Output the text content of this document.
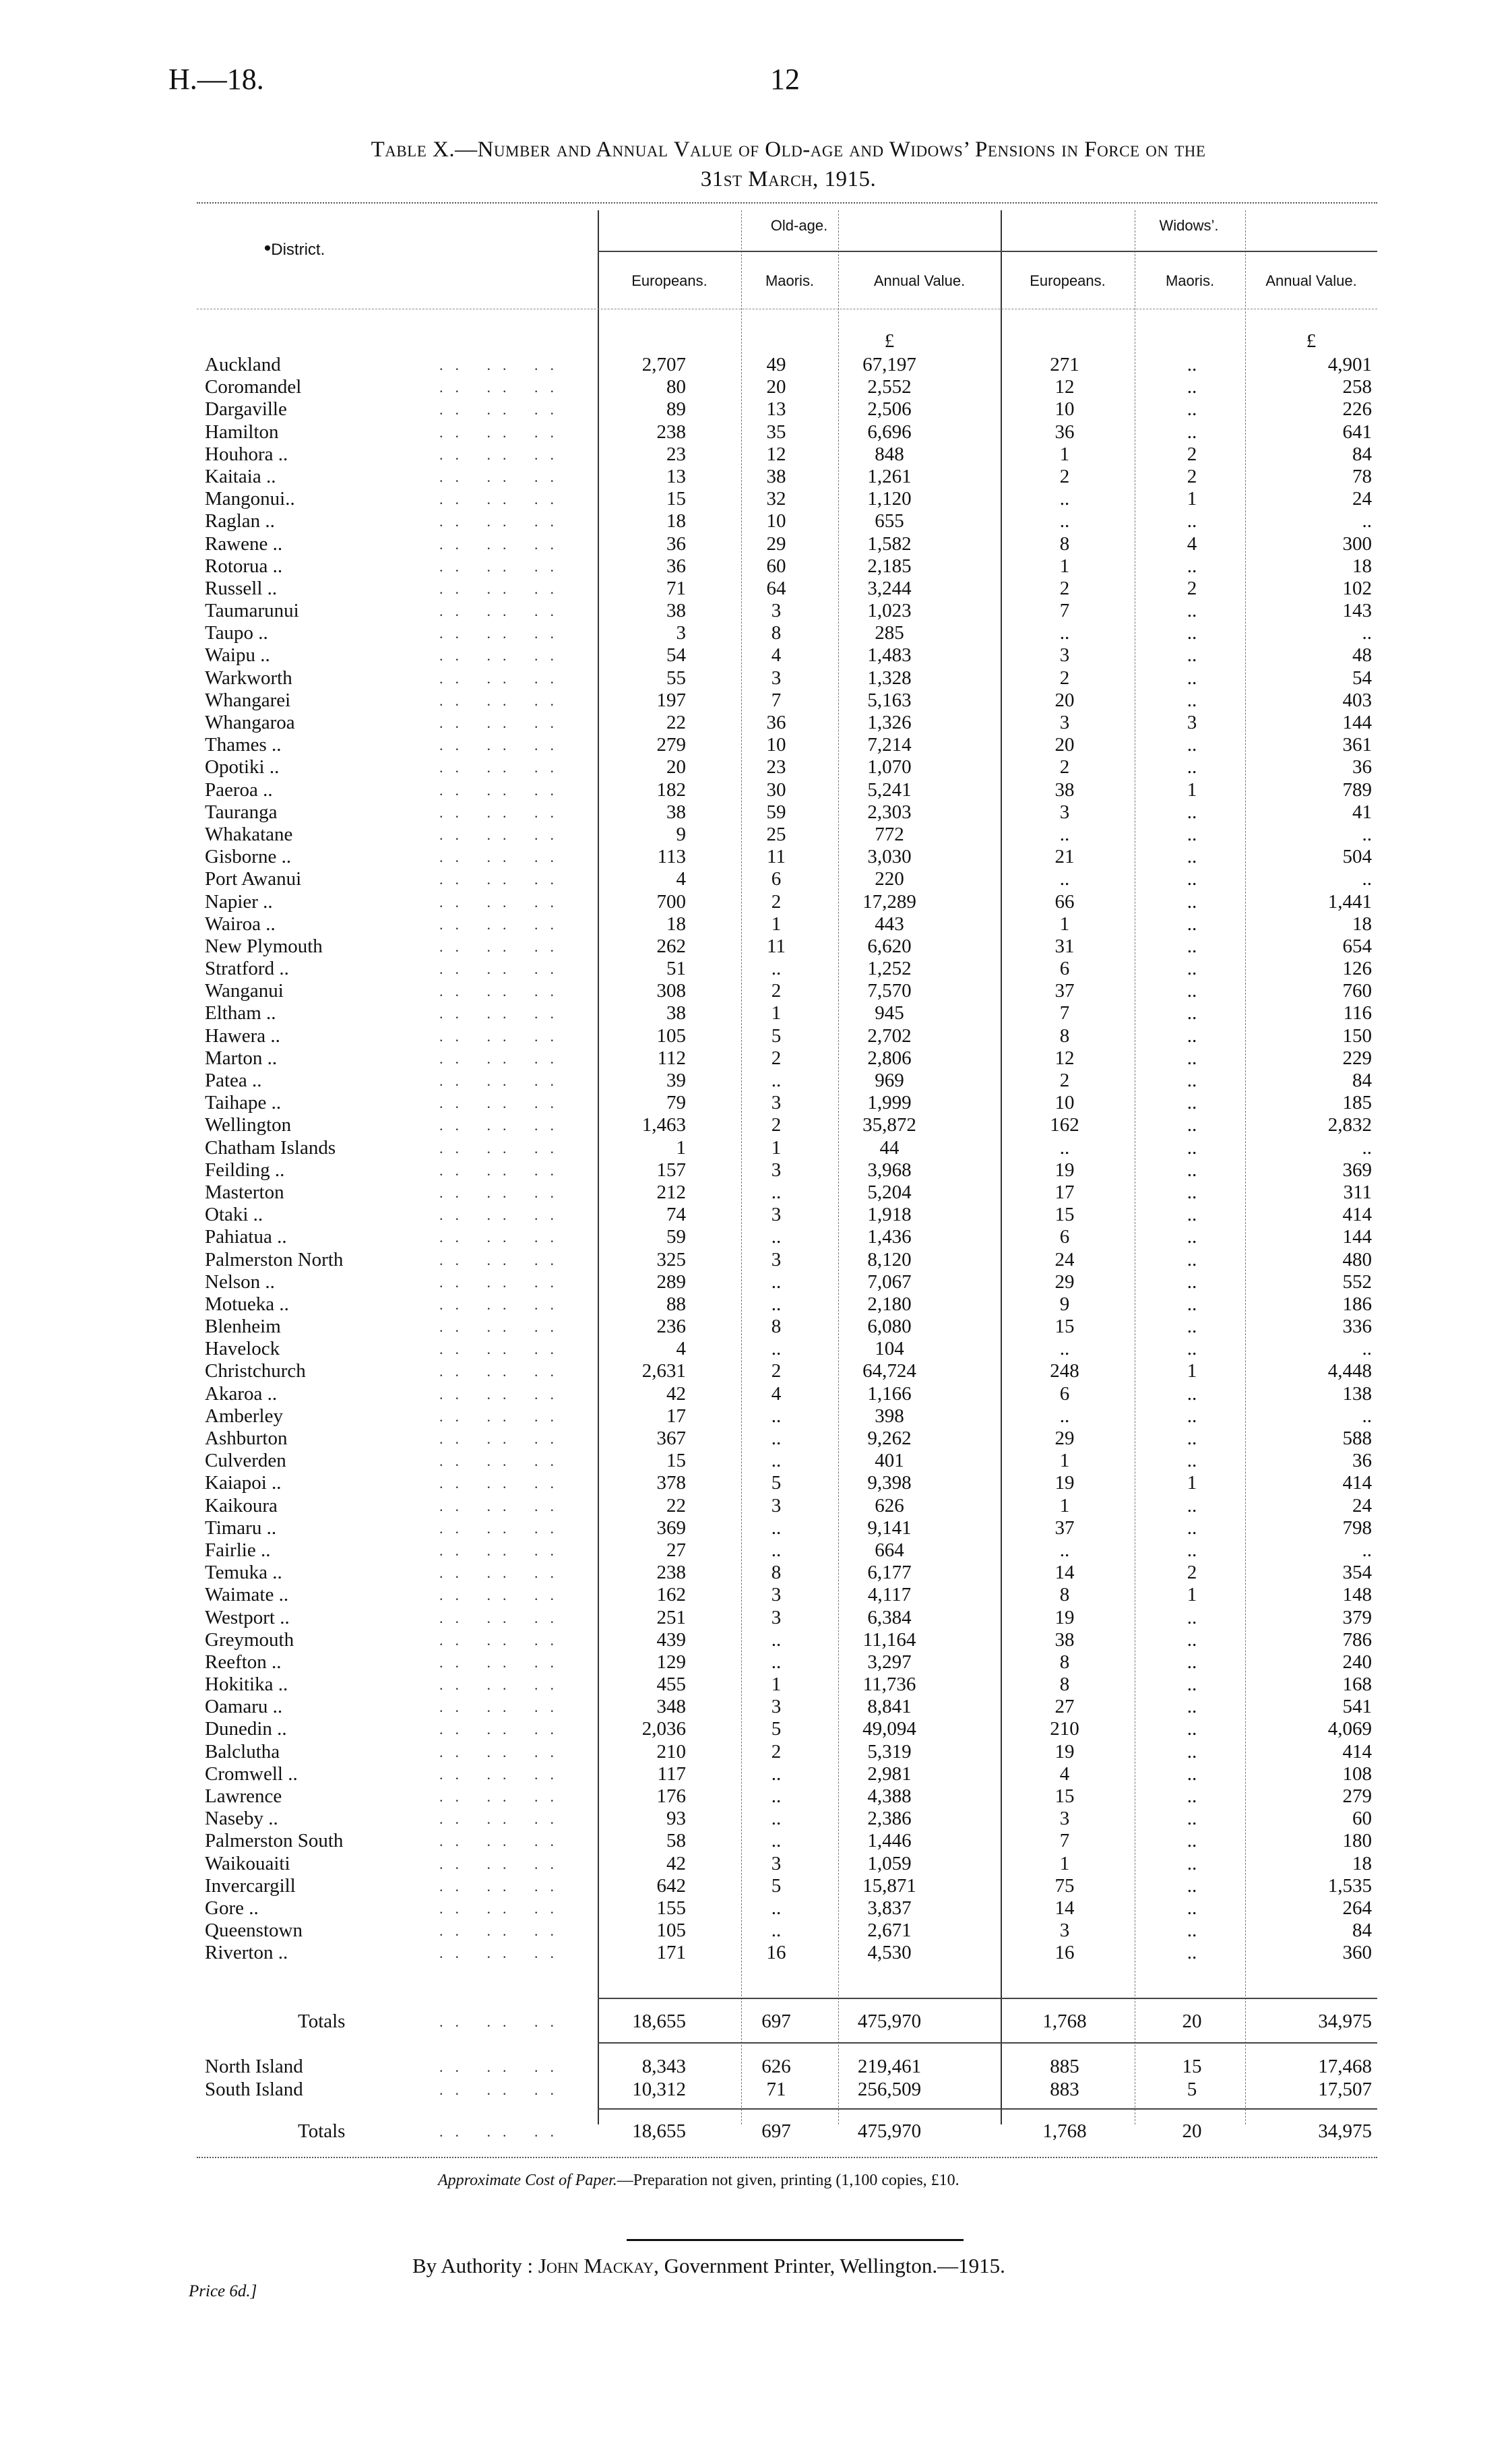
H.—18.	12
Table X.—Number and Annual Value of Old-age and Widows’ Pensions in Force on the
31st March, 1915.
•District.
Old-age.	Widows’.
Europeans.	Maoris.	Annual Value.	Europeans.	Maoris.	Annual Value.
£	£
Auckland	2,707	49	67,197	271	..	4,901
.. .. ..
Coromandel	80	20	2,552	12	..	258
.. .. ..
Dargaville	89	13	2,506	10	..	226
.. .. ..
Hamilton	238	35	6,696	36	..	641
.. .. ..
Houhora ..	23	12	848	1	2	84
.. .. ..
Kaitaia ..	13	38	1,261	2	2	78
.. .. ..
Mangonui..	15	32	1,120	..	1	24
.. .. ..
Raglan ..	18	10	655	..	..	..
.. .. ..
Rawene ..	36	29	1,582	8	4	300
.. .. ..
Rotorua ..	36	60	2,185	1	..	18
.. .. ..
Russell ..	71	64	3,244	2	2	102
.. .. ..
Taumarunui	38	3	1,023	7	..	143
.. .. ..
Taupo ..	3	8	285	..	..	..
.. .. ..
Waipu ..	54	4	1,483	3	..	48
.. .. ..
Warkworth	55	3	1,328	2	..	54
.. .. ..
Whangarei	197	7	5,163	20	..	403
.. .. ..
Whangaroa	22	36	1,326	3	3	144
.. .. ..
Thames ..	279	10	7,214	20	..	361
.. .. ..
Opotiki ..	20	23	1,070	2	..	36
.. .. ..
Paeroa ..	182	30	5,241	38	1	789
.. .. ..
Tauranga	38	59	2,303	3	..	41
.. .. ..
Whakatane	9	25	772	..	..	..
.. .. ..
Gisborne ..	113	11	3,030	21	..	504
.. .. ..
Port Awanui	4	6	220	..	..	..
.. .. ..
Napier ..	700	2	17,289	66	..	1,441
.. .. ..
Wairoa ..	18	1	443	1	..	18
.. .. ..
New Plymouth	262	11	6,620	31	..	654
.. .. ..
Stratford ..	51	..	1,252	6	..	126
.. .. ..
Wanganui	308	2	7,570	37	..	760
.. .. ..
Eltham ..	38	1	945	7	..	116
.. .. ..
Hawera ..	105	5	2,702	8	..	150
.. .. ..
Marton ..	112	2	2,806	12	..	229
.. .. ..
Patea ..	39	..	969	2	..	84
.. .. ..
Taihape ..	79	3	1,999	10	..	185
.. .. ..
Wellington	1,463	2	35,872	162	..	2,832
.. .. ..
Chatham Islands	1	1	44	..	..	..
.. .. ..
Feilding ..	157	3	3,968	19	..	369
.. .. ..
Masterton	212	..	5,204	17	..	311
.. .. ..
Otaki ..	74	3	1,918	15	..	414
.. .. ..
Pahiatua ..	59	..	1,436	6	..	144
.. .. ..
Palmerston North	325	3	8,120	24	..	480
.. .. ..
Nelson ..	289	..	7,067	29	..	552
.. .. ..
Motueka ..	88	..	2,180	9	..	186
.. .. ..
Blenheim	236	8	6,080	15	..	336
.. .. ..
Havelock	4	..	104	..	..	..
.. .. ..
Christchurch	2,631	2	64,724	248	1	4,448
.. .. ..
Akaroa ..	42	4	1,166	6	..	138
.. .. ..
Amberley	17	..	398	..	..	..
.. .. ..
Ashburton	367	..	9,262	29	..	588
.. .. ..
Culverden	15	..	401	1	..	36
.. .. ..
Kaiapoi ..	378	5	9,398	19	1	414
.. .. ..
Kaikoura	22	3	626	1	..	24
.. .. ..
Timaru ..	369	..	9,141	37	..	798
.. .. ..
Fairlie ..	27	..	664	..	..	..
.. .. ..
Temuka ..	238	8	6,177	14	2	354
.. .. ..
Waimate ..	162	3	4,117	8	1	148
.. .. ..
Westport ..	251	3	6,384	19	..	379
.. .. ..
Greymouth	439	..	11,164	38	..	786
.. .. ..
Reefton ..	129	..	3,297	8	..	240
.. .. ..
Hokitika ..	455	1	11,736	8	..	168
.. .. ..
Oamaru ..	348	3	8,841	27	..	541
.. .. ..
Dunedin ..	2,036	5	49,094	210	..	4,069
.. .. ..
Balclutha	210	2	5,319	19	..	414
.. .. ..
Cromwell ..	117	..	2,981	4	..	108
.. .. ..
Lawrence	176	..	4,388	15	..	279
.. .. ..
Naseby ..	93	..	2,386	3	..	60
.. .. ..
Palmerston South	58	..	1,446	7	..	180
.. .. ..
Waikouaiti	42	3	1,059	1	..	18
.. .. ..
Invercargill	642	5	15,871	75	..	1,535
.. .. ..
Gore ..	155	..	3,837	14	..	264
.. .. ..
Queenstown	105	..	2,671	3	..	84
.. .. ..
Riverton ..	171	16	4,530	16	..	360
.. .. ..
Totals	18,655	697	475,970	1,768	20	34,975
.. .. ..
North Island	8,343	626	219,461	885	15	17,468
.. .. ..
South Island	10,312	71	256,509	883	5	17,507
.. .. ..
Totals	18,655	697	475,970	1,768	20	34,975
.. .. ..
Approximate Cost of Paper.—Preparation not given, printing (1,100 copies, £10.
Price 6d.]
By Authority : John Mackay, Government Printer, Wellington.—1915.
